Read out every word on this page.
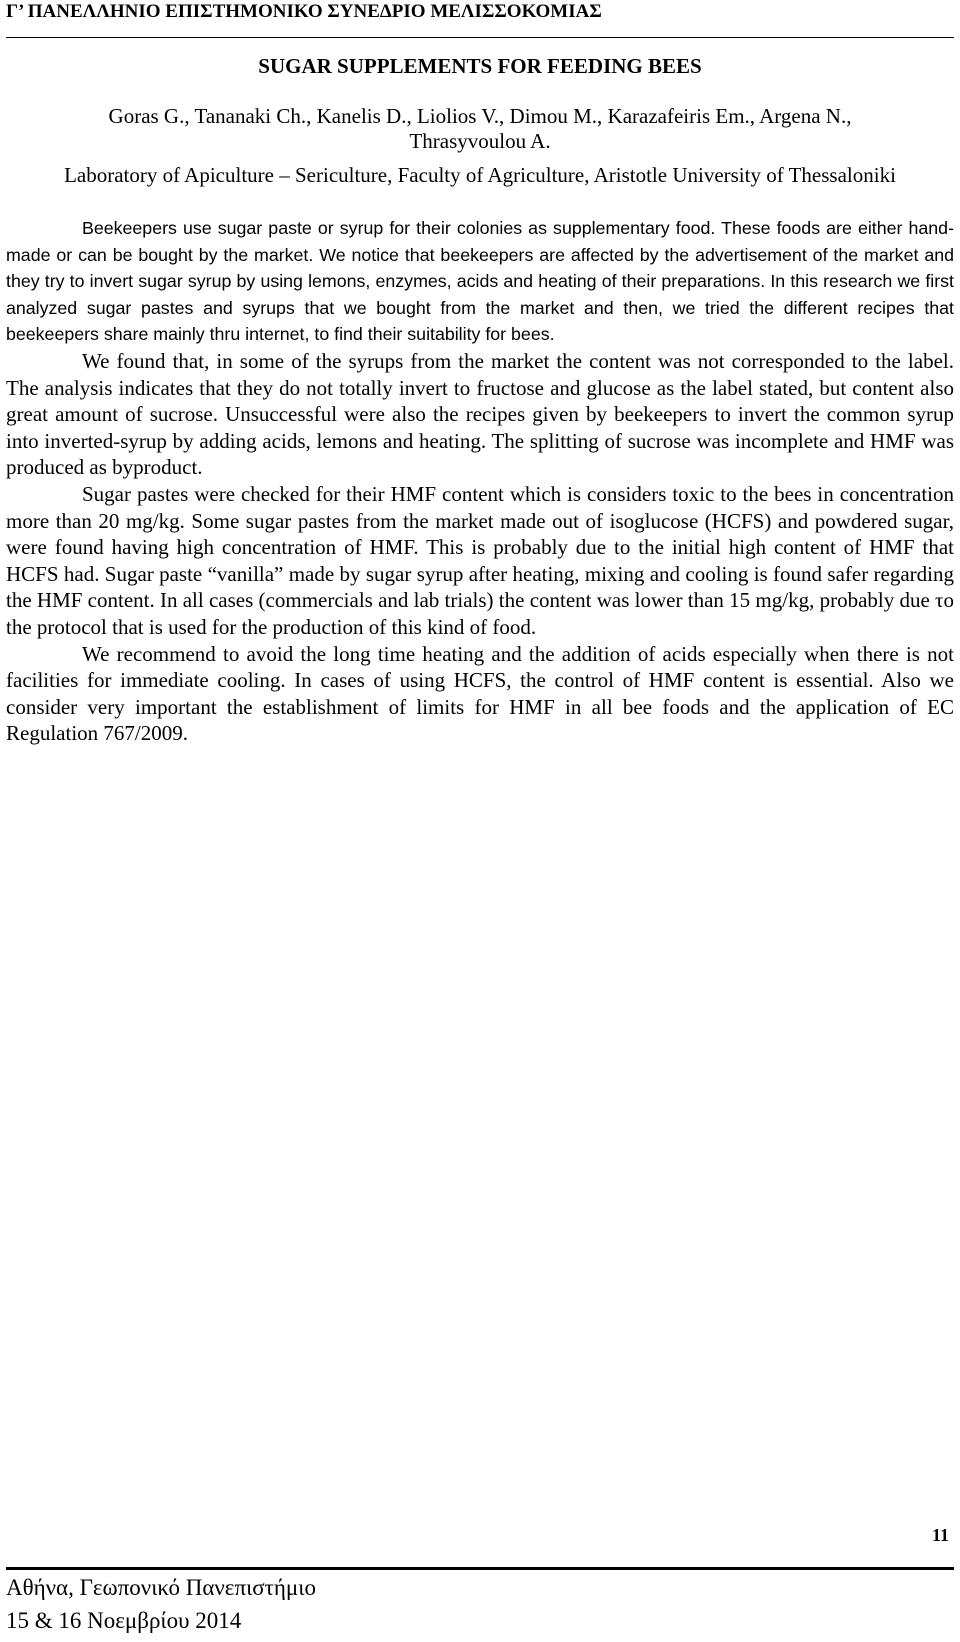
Γ’ ΠΑΝΕΛΛΗΝΙΟ ΕΠΙΣΤΗΜΟΝΙΚΟ ΣΥΝΕΔΡΙΟ ΜΕΛΙΣΣΟΚΟΜΙΑΣ
SUGAR SUPPLEMENTS FOR FEEDING BEES
Goras G., Tananaki Ch., Kanelis D., Liolios V., Dimou M., Karazafeiris Em., Argena N.,
Thrasyvoulou A.
Laboratory of Apiculture – Sericulture, Faculty of Agriculture, Aristotle University of Thessaloniki

Beekeepers use sugar paste or syrup for their colonies as supplementary food. These foods are either hand-made or can be bought by the market. We notice that beekeepers are affected by the advertisement of the market and they try to invert sugar syrup by using lemons, enzymes, acids and heating of their preparations. In this research we first analyzed sugar pastes and syrups that we bought from the market and then, we tried the different recipes that beekeepers share mainly thru internet, to find their suitability for bees.

We found that, in some of the syrups from the market the content was not corresponded to the label. The analysis indicates that they do not totally invert to fructose and glucose as the label stated, but content also great amount of sucrose. Unsuccessful were also the recipes given by beekeepers to invert the common syrup into inverted-syrup by adding acids, lemons and heating. The splitting of sucrose was incomplete and HMF was produced as byproduct.

Sugar pastes were checked for their HMF content which is considers toxic to the bees in concentration more than 20 mg/kg. Some sugar pastes from the market made out of isoglucose (HCFS) and powdered sugar, were found having high concentration of HMF. This is probably due to the initial high content of HMF that HCFS had. Sugar paste “vanilla” made by sugar syrup after heating, mixing and cooling is found safer regarding the HMF content. In all cases (commercials and lab trials) the content was lower than 15 mg/kg, probably due το the protocol that is used for the production of this kind of food.

We recommend to avoid the long time heating and the addition of acids especially when there is not facilities for immediate cooling. In cases of using HCFS, the control of HMF content is essential. Also we consider very important the establishment of limits for HMF in all bee foods and the application of EC Regulation 767/2009.

11
Αθήνα, Γεωπονικό Πανεπιστήμιο
15 & 16 Νοεμβρίου 2014
